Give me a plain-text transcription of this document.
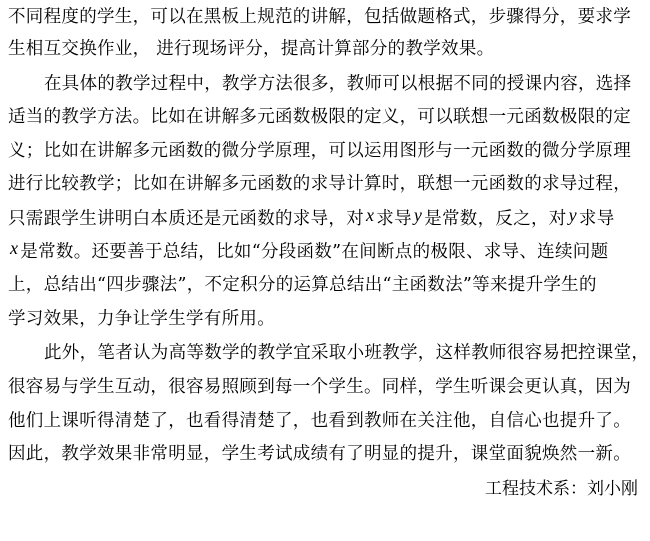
不同程度的学生，可以在黑板上规范的讲解，包括做题格式，步骤得分，要求学
生相互交换作业， 进行现场评分，提高计算部分的教学效果。
在具体的教学过程中，教学方法很多，教师可以根据不同的授课内容，选择
适当的教学方法。比如在讲解多元函数极限的定义，可以联想一元函数极限的定
义；比如在讲解多元函数的微分学原理，可以运用图形与一元函数的微分学原理
进行比较教学；比如在讲解多元函数的求导计算时，联想一元函数的求导过程，
只需跟学生讲明白本质还是元函数的求导，对 x 求导 y 是常数，反之，对 y 求导
x 是常数。还要善于总结，比如“分段函数”在间断点的极限、求导、连续问题
上，总结出“四步骤法”，不定积分的运算总结出“主函数法”等来提升学生的
学习效果，力争让学生学有所用。
此外，笔者认为高等数学的教学宜采取小班教学，这样教师很容易把控课堂，
很容易与学生互动，很容易照顾到每一个学生。同样，学生听课会更认真，因为
他们上课听得清楚了，也看得清楚了，也看到教师在关注他，自信心也提升了。
因此，教学效果非常明显，学生考试成绩有了明显的提升，课堂面貌焕然一新。
工程技术系：刘小刚
